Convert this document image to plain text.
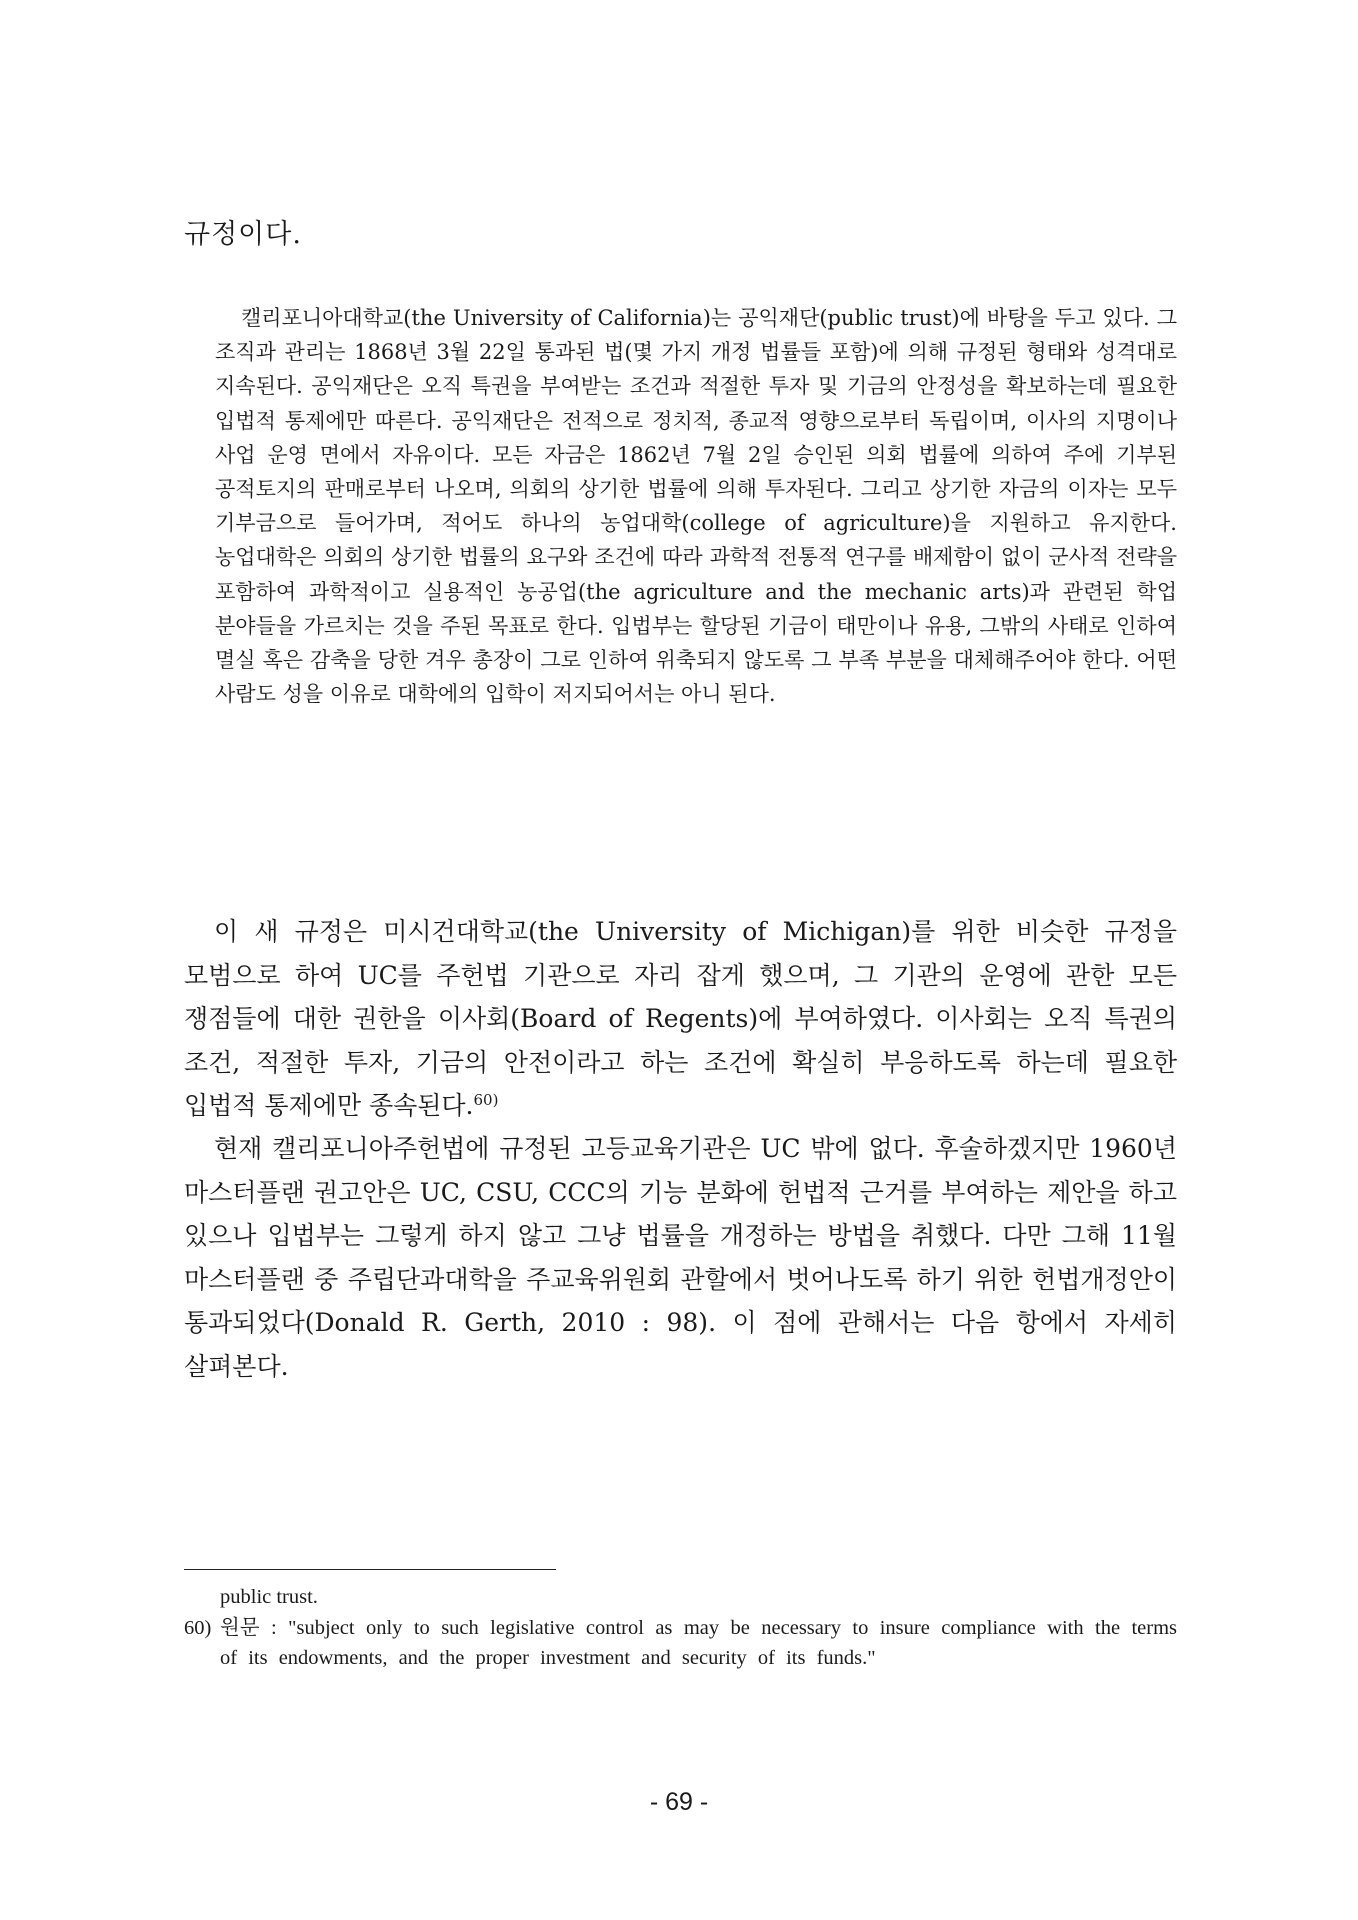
규정이다.

캘리포니아대학교(the University of California)는 공익재단(public trust)에 바탕을 두고 있다. 그 조직과 관리는 1868년 3월 22일 통과된 법(몇 가지 개정 법률들 포함)에 의해 규정된 형태와 성격대로 지속된다. 공익재단은 오직 특권을 부여받는 조건과 적절한 투자 및 기금의 안정성을 확보하는데 필요한 입법적 통제에만 따른다. 공익재단은 전적으로 정치적, 종교적 영향으로부터 독립이며, 이사의 지명이나 사업 운영 면에서 자유이다. 모든 자금은 1862년 7월 2일 승인된 의회 법률에 의하여 주에 기부된 공적토지의 판매로부터 나오며, 의회의 상기한 법률에 의해 투자된다. 그리고 상기한 자금의 이자는 모두 기부금으로 들어가며, 적어도 하나의 농업대학(college of agriculture)을 지원하고 유지한다. 농업대학은 의회의 상기한 법률의 요구와 조건에 따라 과학적 전통적 연구를 배제함이 없이 군사적 전략을 포함하여 과학적이고 실용적인 농공업(the agriculture and the mechanic arts)과 관련된 학업 분야들을 가르치는 것을 주된 목표로 한다. 입법부는 할당된 기금이 태만이나 유용, 그밖의 사태로 인하여 멸실 혹은 감축을 당한 겨우 총장이 그로 인하여 위축되지 않도록 그 부족 부분을 대체해주어야 한다. 어떤 사람도 성을 이유로 대학에의 입학이 저지되어서는 아니 된다.

이 새 규정은 미시건대학교(the University of Michigan)를 위한 비슷한 규정을 모범으로 하여 UC를 주헌법 기관으로 자리 잡게 했으며, 그 기관의 운영에 관한 모든 쟁점들에 대한 권한을 이사회(Board of Regents)에 부여하였다. 이사회는 오직 특권의 조건, 적절한 투자, 기금의 안전이라고 하는 조건에 확실히 부응하도록 하는데 필요한 입법적 통제에만 종속된다.$^{60)}$

현재 캘리포니아주헌법에 규정된 고등교육기관은 UC 밖에 없다. 후술하겠지만 1960년 마스터플랜 권고안은 UC, CSU, CCC의 기능 분화에 헌법적 근거를 부여하는 제안을 하고 있으나 입법부는 그렇게 하지 않고 그냥 법률을 개정하는 방법을 취했다. 다만 그해 11월 마스터플랜 중 주립단과대학을 주교육위원회 관할에서 벗어나도록 하기 위한 헌법개정안이 통과되었다(Donald R. Gerth, 2010 : 98). 이 점에 관해서는 다음 항에서 자세히 살펴본다.

public trust.

60) 원문 : "subject only to such legislative control as may be necessary to insure compliance with the terms of its endowments, and the proper investment and security of its funds."

- 69 -
